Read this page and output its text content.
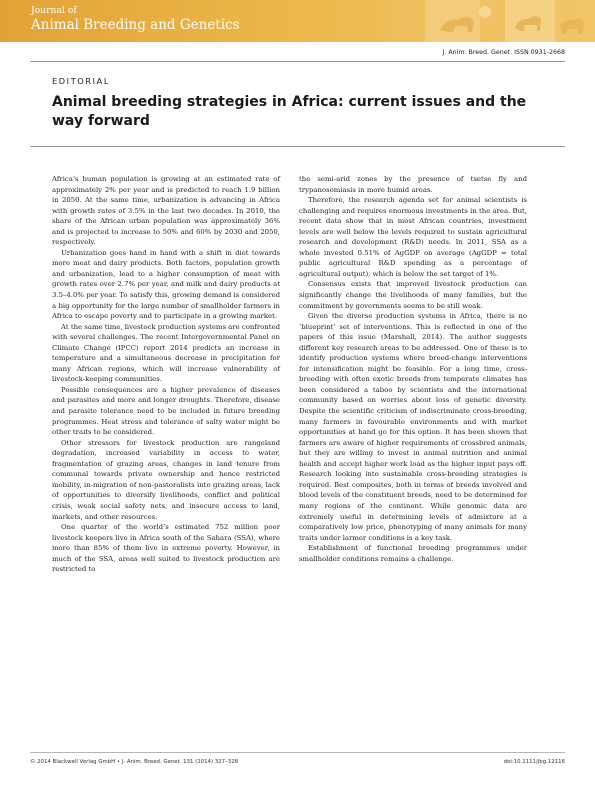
Journal of
Animal Breeding and Genetics
J. Anim. Breed. Genet. ISSN 0931-2668
EDITORIAL
Animal breeding strategies in Africa: current issues and the way forward

Africa’s human population is growing at an estimated rate of approximately 2% per year and is predicted to reach 1.9 billion in 2050. At the same time, urbanization is advancing in Africa with growth rates of 3.5% in the last two decades. In 2010, the share of the African urban population was approximately 36% and is projected to increase to 50% and 60% by 2030 and 2050, respectively.

Urbanization goes hand in hand with a shift in diet towards more meat and dairy products. Both factors, population growth and urbanization, lead to a higher consumption of meat with growth rates over 2.7% per year, and milk and dairy products at 3.5–4.0% per year. To satisfy this, growing demand is considered a big opportunity for the large number of smallholder farmers in Africa to escape poverty and to participate in a growing market.

At the same time, livestock production systems are confronted with several challenges. The recent Intergovernmental Panel on Climate Change (IPCC) report 2014 predicts an increase in temperature and a simultaneous decrease in precipitation for many African regions, which will increase vulnerability of livestock-keeping communities.

Possible consequences are a higher prevalence of diseases and parasites and more and longer droughts. Therefore, disease and parasite tolerance need to be included in future breeding programmes. Heat stress and tolerance of salty water might be other traits to be considered.

Other stressors for livestock production are rangeland degradation, increased variability in access to water, fragmentation of grazing areas, changes in land tenure from communal towards private ownership and hence restricted mobility, in-migration of non-pastoralists into grazing areas, lack of opportunities to diversify livelihoods, conflict and political crisis, weak social safety nets, and insecure access to land, markets, and other resources.

One quarter of the world’s estimated 752 million poor livestock keepers live in Africa south of the Sahara (SSA), where more than 85% of them live in extreme poverty. However, in much of the SSA, areas well suited to livestock production are restricted to

the semi-arid zones by the presence of tsetse fly and trypanosomiasis in more humid areas.

Therefore, the research agenda set for animal scientists is challenging and requires enormous investments in the area. But, recent data show that in most African countries, investment levels are well below the levels required to sustain agricultural research and development (R&D) needs. In 2011, SSA as a whole invested 0.51% of AgGDP on average (AgGDP = total public agricultural R&D spending as a percentage of agricultural output), which is below the set target of 1%.

Consensus exists that improved livestock production can significantly change the livelihoods of many families, but the commitment by governments seems to be still weak.

Given the diverse production systems in Africa, there is no ‘blueprint’ set of interventions. This is reflected in one of the papers of this issue (Marshall, 2014). The author suggests different key research areas to be addressed. One of these is to identify production systems where breed-change interventions for intensification might be feasible. For a long time, cross-breeding with often exotic breeds from temperate climates has been considered a taboo by scientists and the international community based on worries about loss of genetic diversity. Despite the scientific criticism of indiscriminate cross-breeding, many farmers in favourable environments and with market opportunities at hand go for this option. It has been shown that farmers are aware of higher requirements of crossbred animals, but they are willing to invest in animal nutrition and animal health and accept higher work load as the higher input pays off. Research looking into sustainable cross-breeding strategies is required. Best composites, both in terms of breeds involved and blood levels of the constituent breeds, need to be determined for many regions of the continent. While genomic data are extremely useful in determining levels of admixture at a comparatively low price, phenotyping of many animals for many traits under larmer conditions is a key task.

Establishment of functional breeding programmes under smallholder conditions remains a challenge.

© 2014 Blackwell Verlag GmbH • J. Anim. Breed. Genet. 131 (2014) 327–328	doi:10.1111/jbg.12116
